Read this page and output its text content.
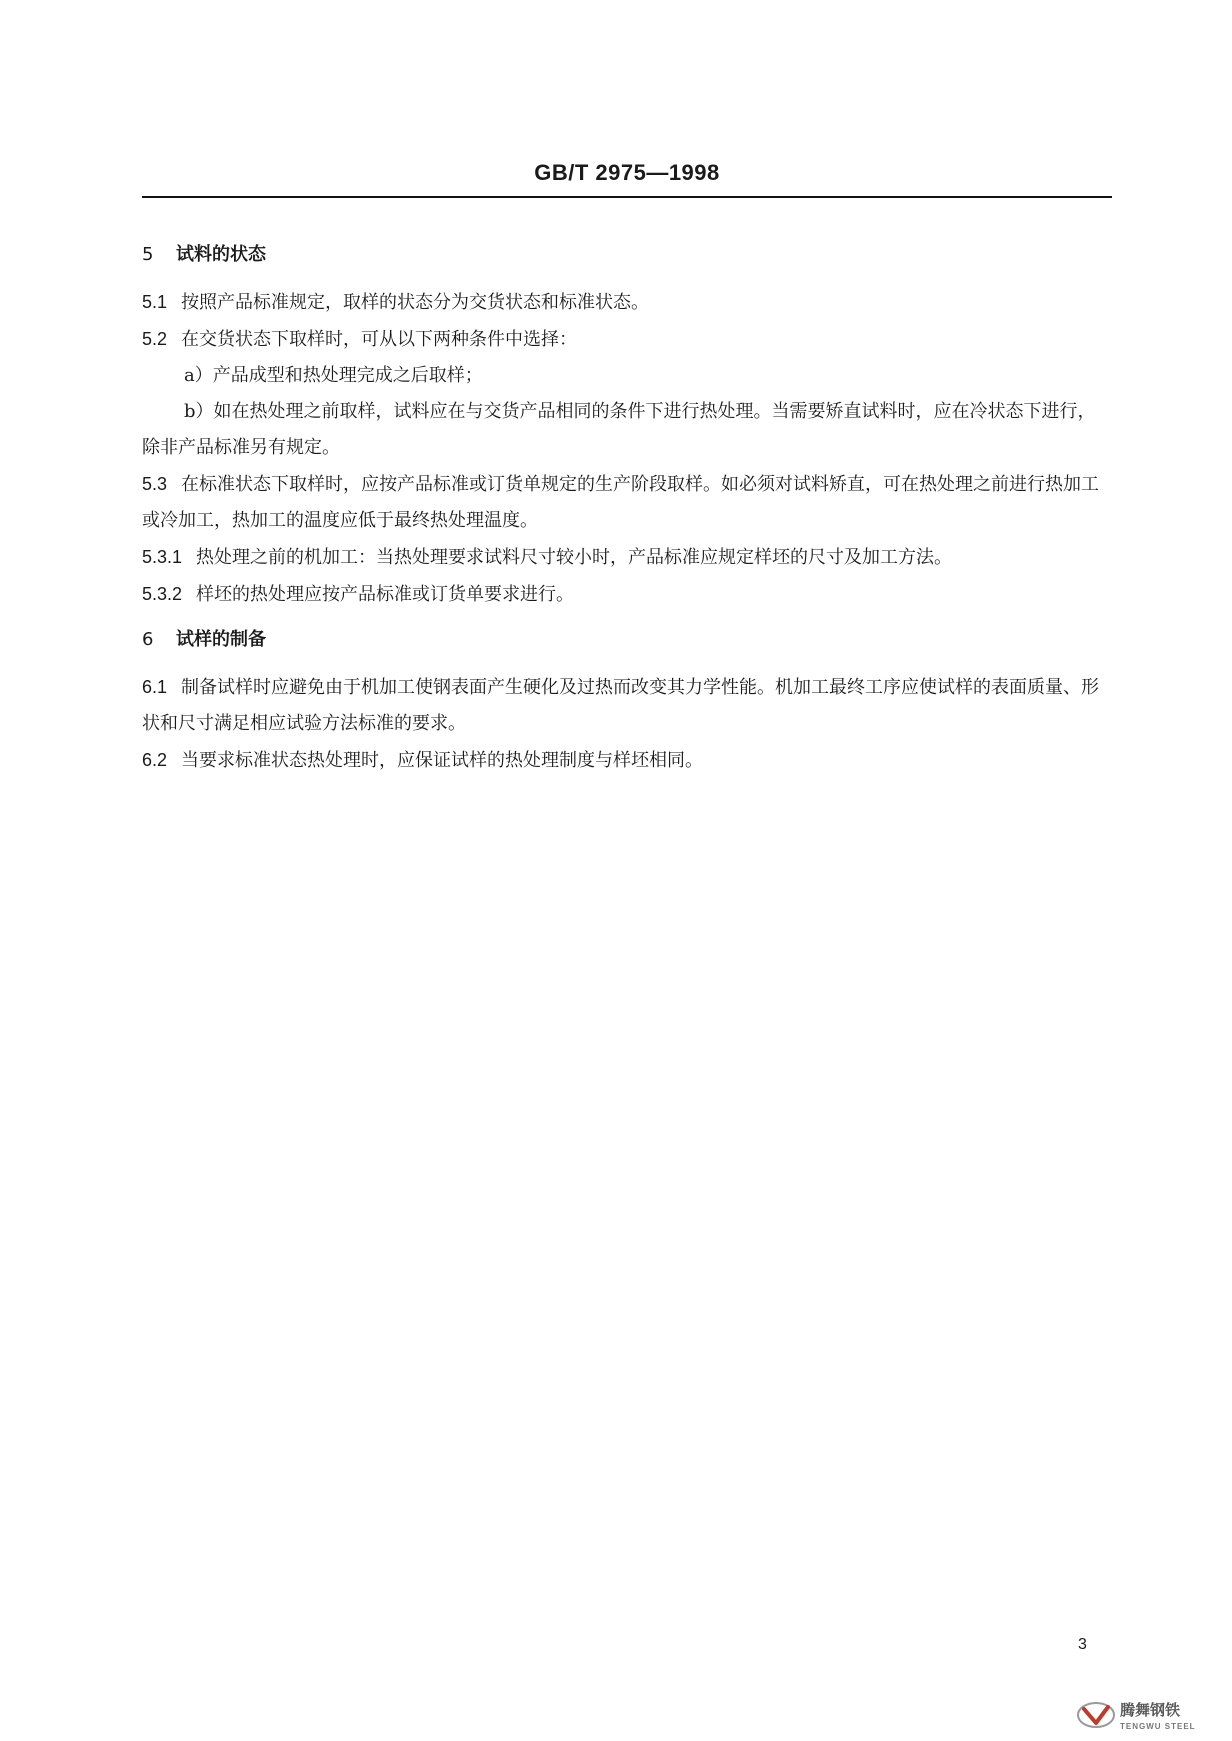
GB/T 2975—1998

5 试料的状态

5.1 按照产品标准规定，取样的状态分为交货状态和标准状态。

5.2 在交货状态下取样时，可从以下两种条件中选择：

a）产品成型和热处理完成之后取样；

b）如在热处理之前取样，试料应在与交货产品相同的条件下进行热处理。当需要矫直试料时，应在冷状态下进行，除非产品标准另有规定。

5.3 在标准状态下取样时，应按产品标准或订货单规定的生产阶段取样。如必须对试料矫直，可在热处理之前进行热加工或冷加工，热加工的温度应低于最终热处理温度。

5.3.1 热处理之前的机加工：当热处理要求试料尺寸较小时，产品标准应规定样坯的尺寸及加工方法。

5.3.2 样坯的热处理应按产品标准或订货单要求进行。

6 试样的制备

6.1 制备试样时应避免由于机加工使钢表面产生硬化及过热而改变其力学性能。机加工最终工序应使试样的表面质量、形状和尺寸满足相应试验方法标准的要求。

6.2 当要求标准状态热处理时，应保证试样的热处理制度与样坯相同。

3
腾舞钢铁
TENGWU STEEL
